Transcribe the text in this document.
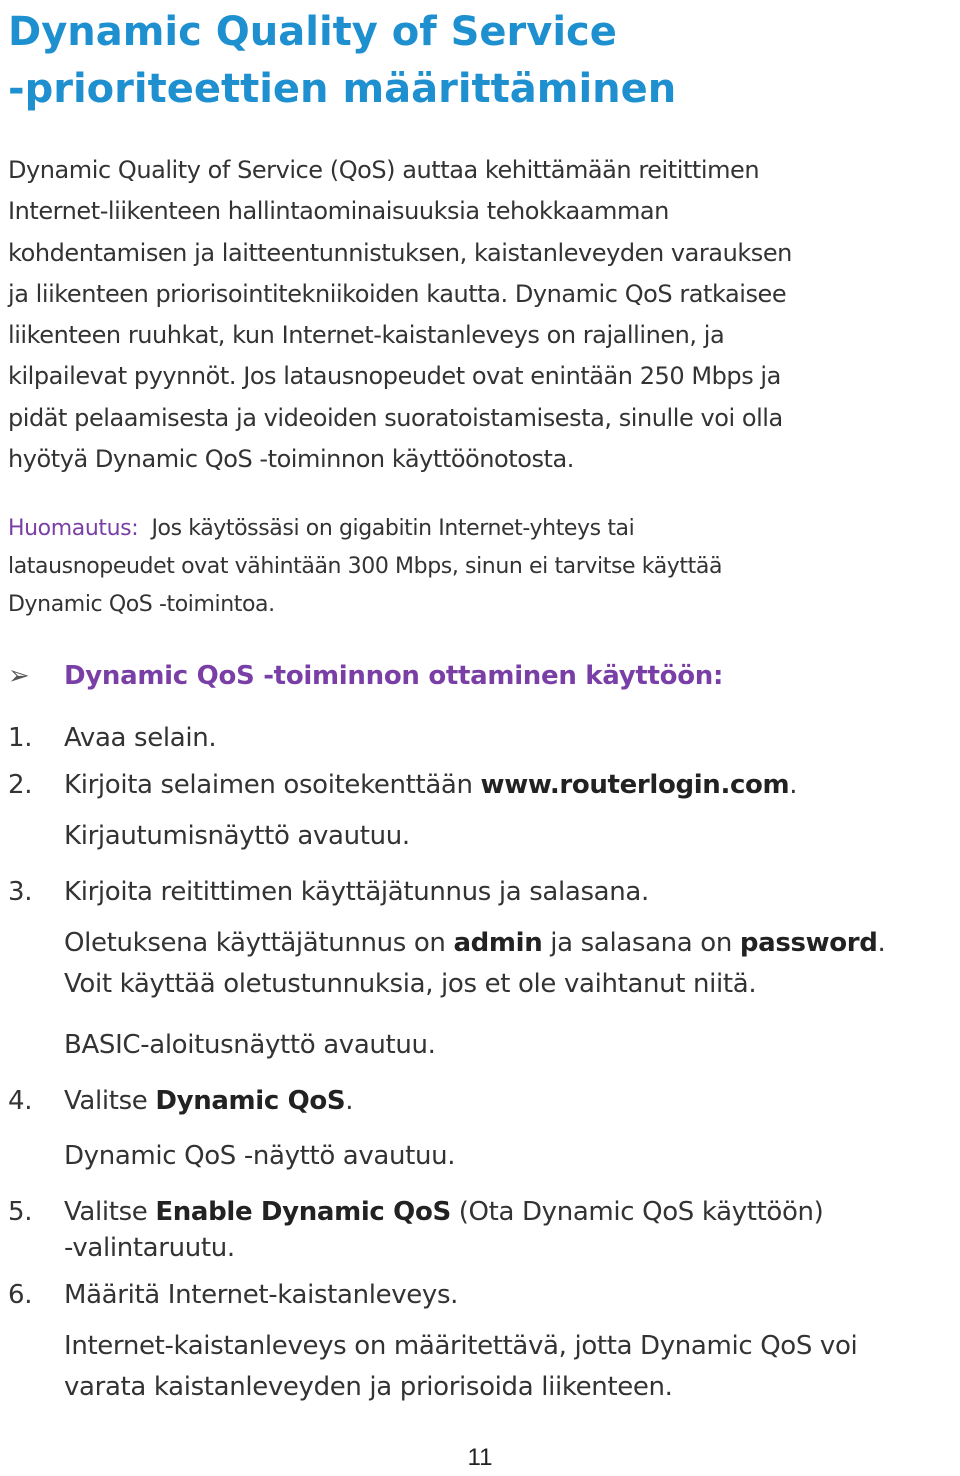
Dynamic Quality of Service
-prioriteettien määrittäminen
Dynamic Quality of Service (QoS) auttaa kehittämään reitittimen
Internet-liikenteen hallintaominaisuuksia tehokkaamman
kohdentamisen ja laitteentunnistuksen, kaistanleveyden varauksen
ja liikenteen priorisointitekniikoiden kautta. Dynamic QoS ratkaisee
liikenteen ruuhkat, kun Internet-kaistanleveys on rajallinen, ja
kilpailevat pyynnöt. Jos latausnopeudet ovat enintään 250 Mbps ja
pidät pelaamisesta ja videoiden suoratoistamisesta, sinulle voi olla
hyötyä Dynamic QoS -toiminnon käyttöönotosta.
Huomautus: Jos käytössäsi on gigabitin Internet-yhteys tai
latausnopeudet ovat vähintään 300 Mbps, sinun ei tarvitse käyttää
Dynamic QoS -toimintoa.
➢ Dynamic QoS -toiminnon ottaminen käyttöön:
1. Avaa selain.
2. Kirjoita selaimen osoitekenttään www.routerlogin.com.
Kirjautumisnäyttö avautuu.
3. Kirjoita reitittimen käyttäjätunnus ja salasana.
Oletuksena käyttäjätunnus on admin ja salasana on password.
Voit käyttää oletustunnuksia, jos et ole vaihtanut niitä.
BASIC-aloitusnäyttö avautuu.
4. Valitse Dynamic QoS.
Dynamic QoS -näyttö avautuu.
5. Valitse Enable Dynamic QoS (Ota Dynamic QoS käyttöön)
-valintaruutu.
6. Määritä Internet-kaistanleveys.
Internet-kaistanleveys on määritettävä, jotta Dynamic QoS voi
varata kaistanleveyden ja priorisoida liikenteen.
11
